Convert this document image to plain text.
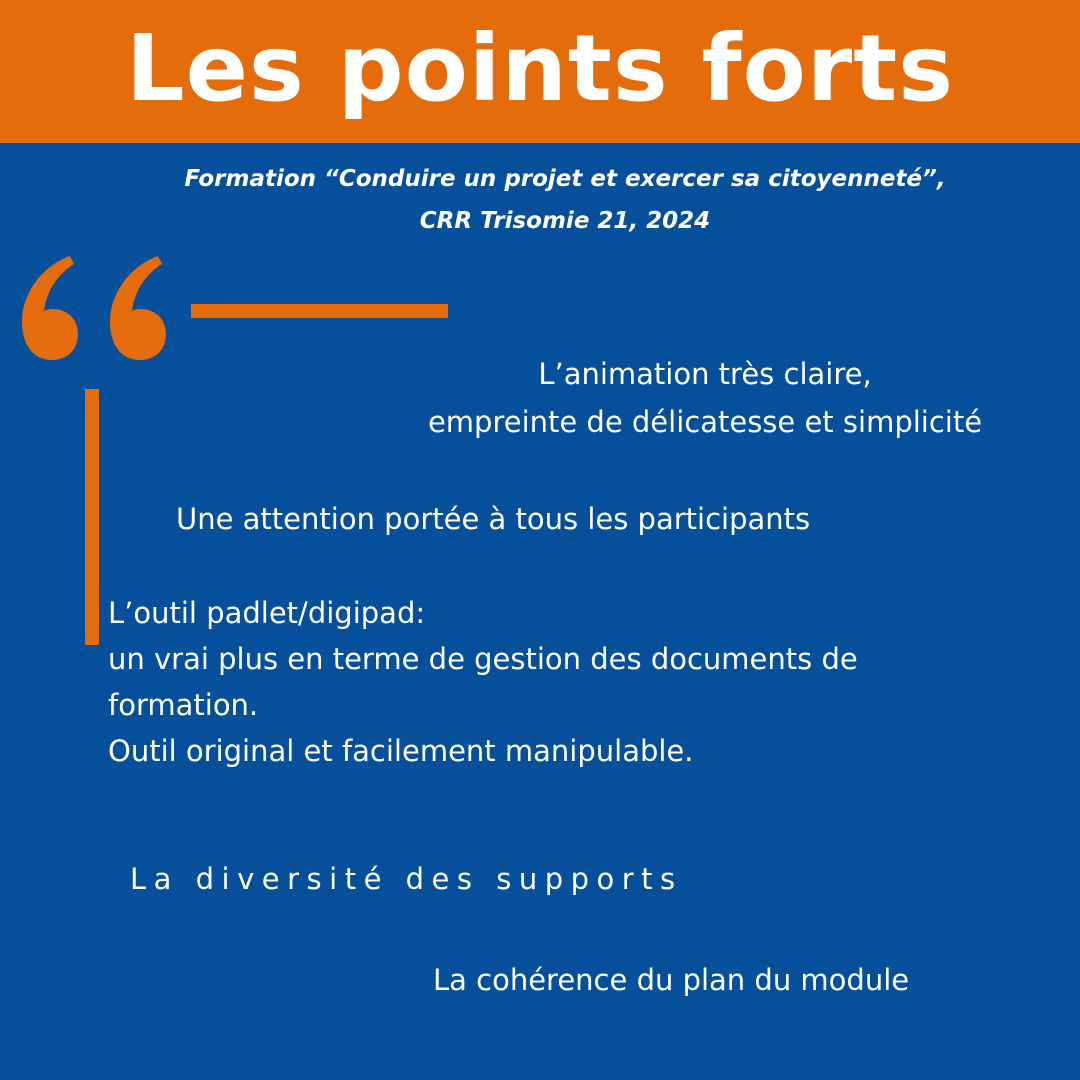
Les points forts
Formation “Conduire un projet et exercer sa citoyenneté”,
CRR Trisomie 21, 2024
L’animation très claire,
empreinte de délicatesse et simplicité
Une attention portée à tous les participants
L’outil padlet/digipad:
un vrai plus en terme de gestion des documents de
formation.
Outil original et facilement manipulable.
La diversité des supports
La cohérence du plan du module
